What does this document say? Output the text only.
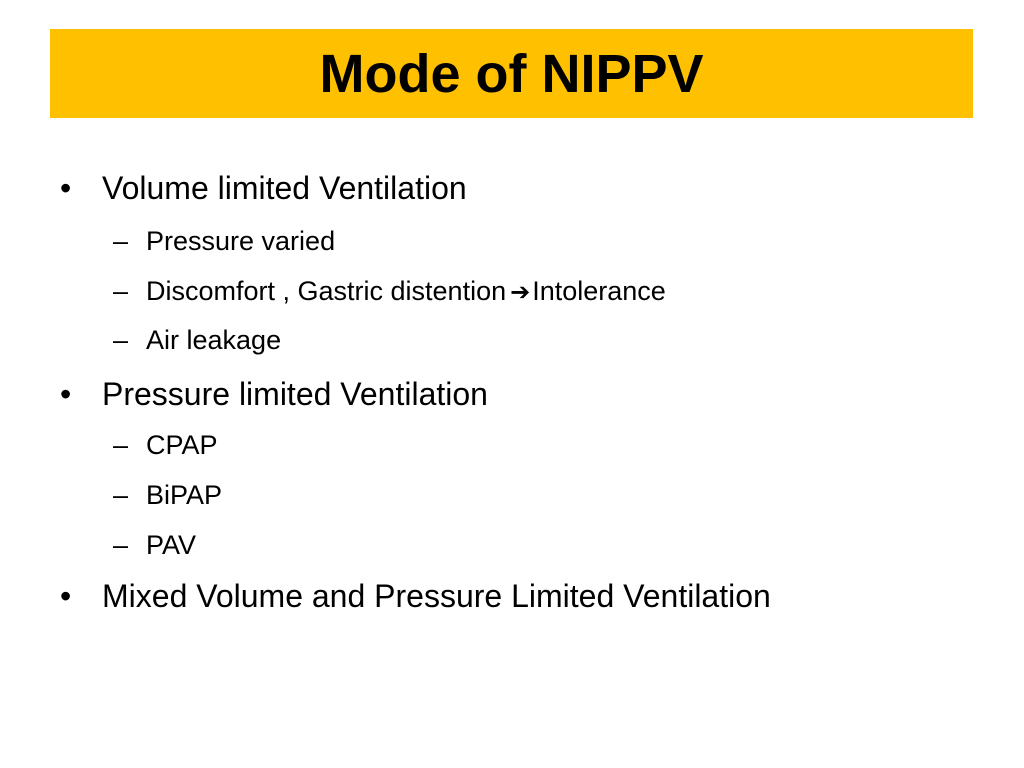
Mode of NIPPV
• Volume limited Ventilation
– Pressure varied
– Discomfort , Gastric distention ➔Intolerance
– Air leakage
• Pressure limited Ventilation
– CPAP
– BiPAP
– PAV
• Mixed Volume and Pressure Limited Ventilation
